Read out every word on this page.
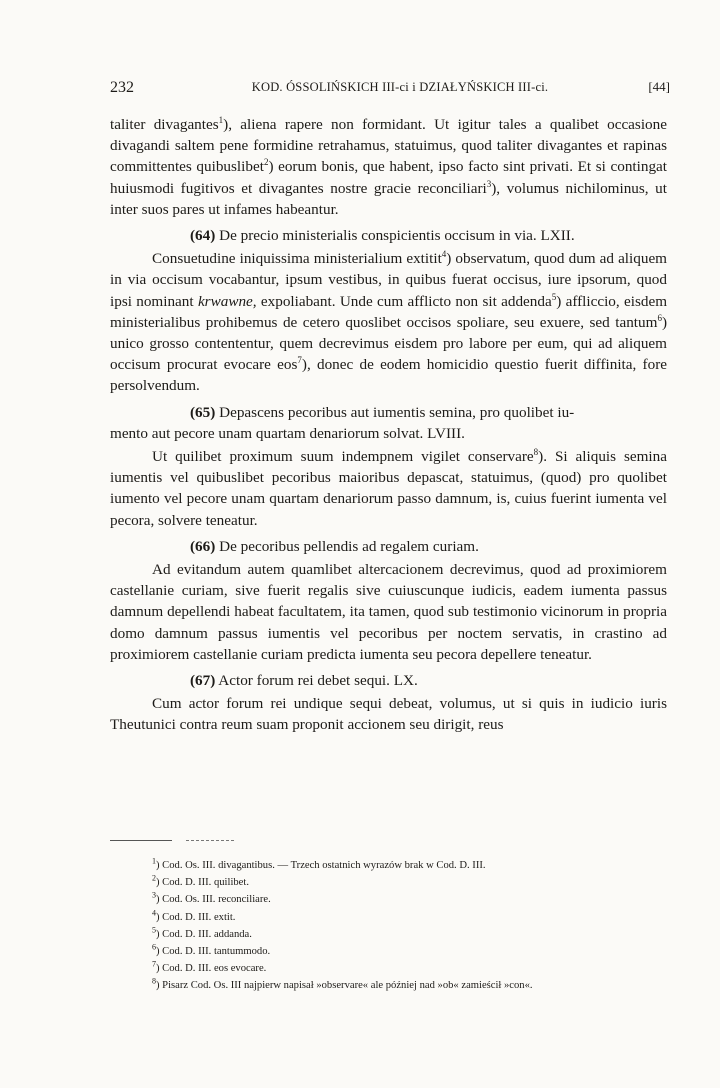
232	KOD. ÓSSOLIŃSKICH III-ci i DZIAŁYŃSKICH III-ci.	[44]

taliter divagantes$^1$), aliena rapere non formidant. Ut igitur tales a qualibet occasione divagandi saltem pene formidine retrahamus, statuimus, quod taliter divagantes et rapinas committentes quibuslibet$^2$) eorum bonis, que habent, ipso facto sint privati. Et si contingat huiusmodi fugitivos et divagantes nostre gracie reconciliari$^3$), volumus nichilominus, ut inter suos pares ut infames habeantur.

(64) De precio ministerialis conspicientis occisum in via. LXII.

Consuetudine iniquissima ministerialium extitit$^4$) observatum, quod dum ad aliquem in via occisum vocabantur, ipsum vestibus, in quibus fuerat occisus, iure ipsorum, quod ipsi nominant krwawne, expoliabant. Unde cum afflicto non sit addenda$^5$) affliccio, eisdem ministerialibus prohibemus de cetero quoslibet occisos spoliare, seu exuere, sed tantum$^6$) unico grosso contententur, quem decrevimus eisdem pro labore per eum, qui ad aliquem occisum procurat evocare eos$^7$), donec de eodem homicidio questio fuerit diffinita, fore persolvendum.

(65) Depascens pecoribus aut iumentis semina, pro quolibet iu-
mento aut pecore unam quartam denariorum solvat. LVIII.

Ut quilibet proximum suum indempnem vigilet conservare$^8$). Si aliquis semina iumentis vel quibuslibet pecoribus maioribus depascat, statuimus, (quod) pro quolibet iumento vel pecore unam quartam denariorum passo damnum, is, cuius fuerint iumenta vel pecora, solvere teneatur.

(66) De pecoribus pellendis ad regalem curiam.

Ad evitandum autem quamlibet altercacionem decrevimus, quod ad proximiorem castellanie curiam, sive fuerit regalis sive cuiuscunque iudicis, eadem iumenta passus damnum depellendi habeat facultatem, ita tamen, quod sub testimonio vicinorum in propria domo damnum passus iumentis vel pecoribus per noctem servatis, in crastino ad proximiorem castellanie curiam predicta iumenta seu pecora depellere teneatur.

(67) Actor forum rei debet sequi. LX.

Cum actor forum rei undique sequi debeat, volumus, ut si quis in iudicio iuris Theutunici contra reum suam proponit accionem seu dirigit, reus

$^1$) Cod. Os. III. divagantibus. — Trzech ostatnich wyrazów brak w Cod. D. III.
$^2$) Cod. D. III. quilibet.
$^3$) Cod. Os. III. reconciliare.
$^4$) Cod. D. III. extit.
$^5$) Cod. D. III. addanda.
$^6$) Cod. D. III. tantummodo.
$^7$) Cod. D. III. eos evocare.
$^8$) Pisarz Cod. Os. III najpierw napisał »observare« ale później nad »ob« zamieścił »con«.
